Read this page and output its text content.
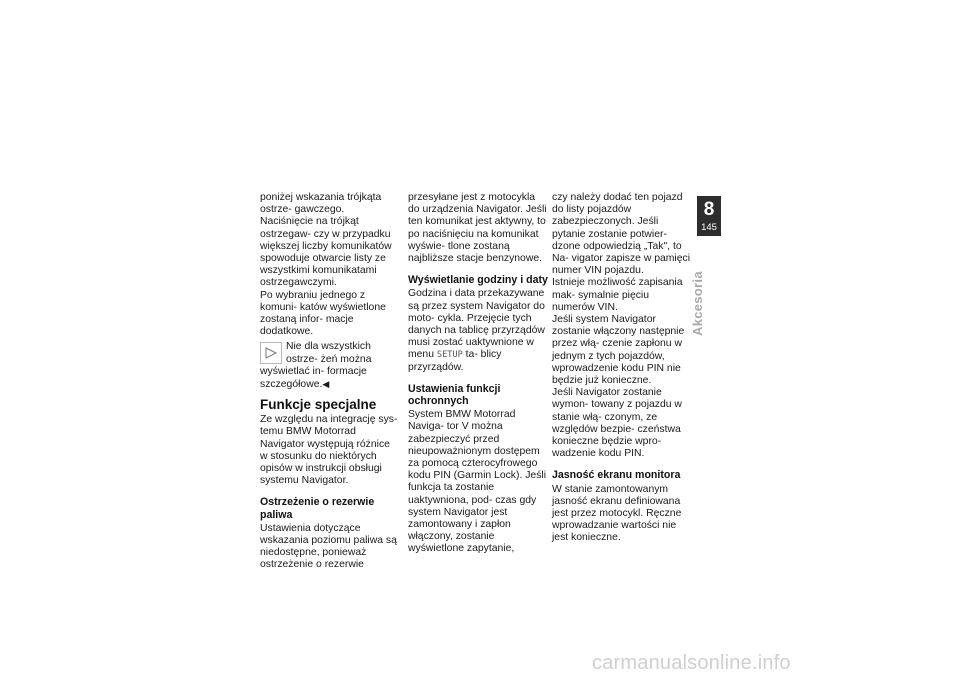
poniżej wskazania trójkąta ostrze- gawczego.

Naciśnięcie na trójkąt ostrzegaw- czy w przypadku większej liczby komunikatów spowoduje otwarcie listy ze wszystkimi komunikatami ostrzegawczymi.

Po wybraniu jednego z komuni- katów wyświetlone zostaną infor- macje dodatkowe.

Nie dla wszystkich ostrze- żeń można wyświetlać in- formacje szczegółowe.◀
Funkcje specjalne

Ze względu na integrację sys- temu BMW Motorrad Navigator występują różnice w stosunku do niektórych opisów w instrukcji obsługi systemu Navigator.

Ostrzeżenie o rezerwie paliwa

Ustawienia dotyczące wskazania poziomu paliwa są niedostępne, ponieważ ostrzeżenie o rezerwie

przesyłane jest z motocykla do urządzenia Navigator. Jeśli ten komunikat jest aktywny, to po naciśnięciu na komunikat wyświe- tlone zostaną najbliższe stacje benzynowe.

Wyświetlanie godziny i daty

Godzina i data przekazywane są przez system Navigator do moto- cykla. Przejęcie tych danych na tablicę przyrządów musi zostać uaktywnione w menu SETUP ta- blicy przyrządów.

Ustawienia funkcji ochronnych

System BMW Motorrad Naviga- tor V można zabezpieczyć przed nieupoważnionym dostępem za pomocą czterocyfrowego kodu PIN (Garmin Lock). Jeśli funkcja ta zostanie uaktywniona, pod- czas gdy system Navigator jest zamontowany i zapłon włączony, zostanie wyświetlone zapytanie,

czy należy dodać ten pojazd do listy pojazdów zabezpieczonych. Jeśli pytanie zostanie potwier- dzone odpowiedzią „Tak", to Na- vigator zapisze w pamięci numer VIN pojazdu.

Istnieje możliwość zapisania mak- symalnie pięciu numerów VIN.

Jeśli system Navigator zostanie włączony następnie przez włą- czenie zapłonu w jednym z tych pojazdów, wprowadzenie kodu PIN nie będzie już konieczne.

Jeśli Navigator zostanie wymon- towany z pojazdu w stanie włą- czonym, ze względów bezpie- czeństwa konieczne będzie wpro- wadzenie kodu PIN.

Jasność ekranu monitora

W stanie zamontowanym jasność ekranu definiowana jest przez motocykl. Ręczne wprowadzanie wartości nie jest konieczne.

8
145
Akcesoria
carmanualsonline.info
